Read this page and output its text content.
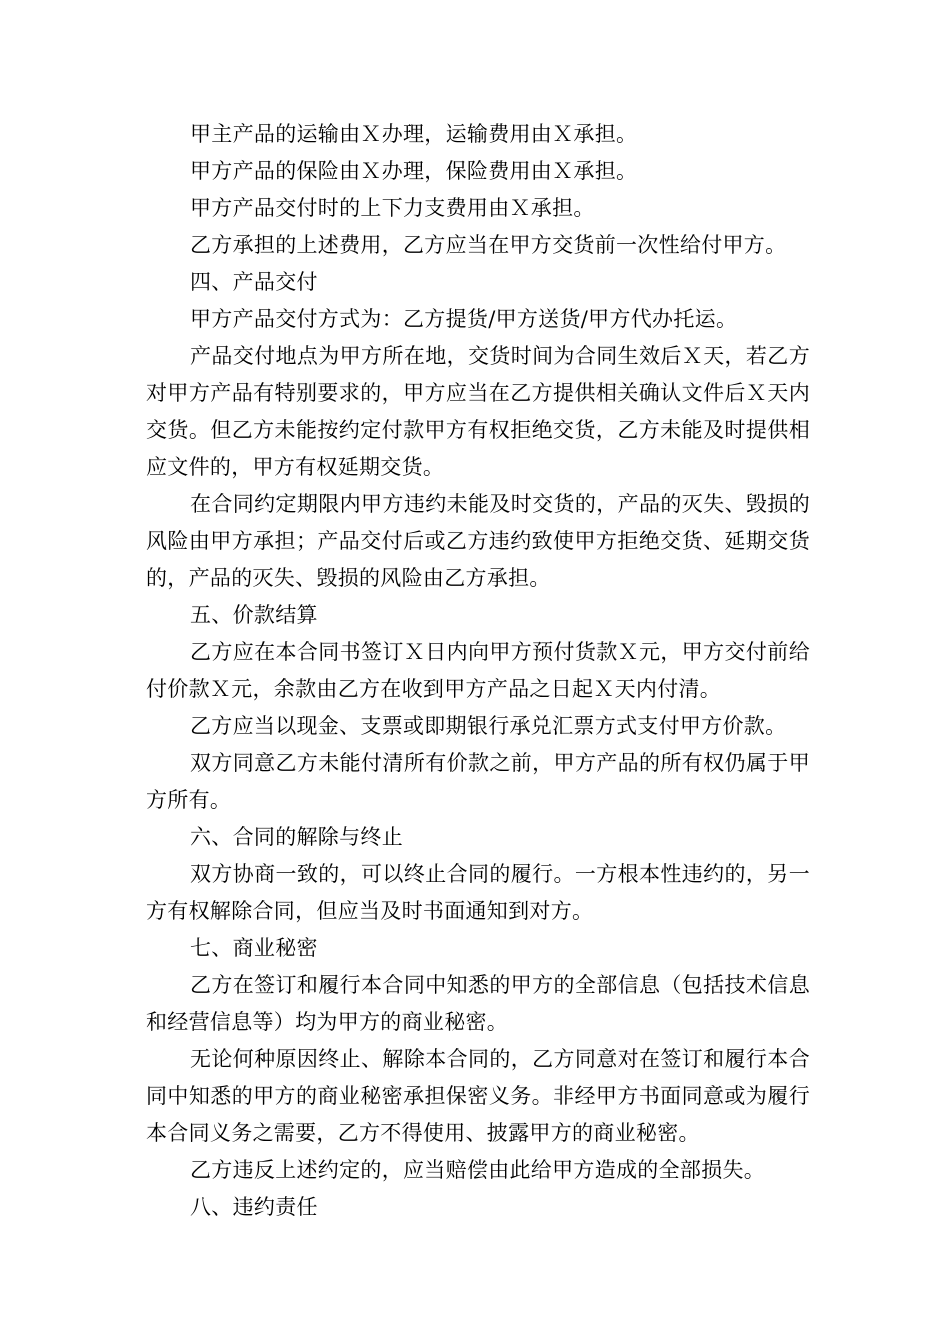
甲主产品的运输由Ｘ办理，运输费用由Ｘ承担。

甲方产品的保险由Ｘ办理，保险费用由Ｘ承担。

甲方产品交付时的上下力支费用由Ｘ承担。

乙方承担的上述费用，乙方应当在甲方交货前一次性给付甲方。

四、产品交付

甲方产品交付方式为：乙方提货/甲方送货/甲方代办托运。

产品交付地点为甲方所在地，交货时间为合同生效后Ｘ天，若乙方对甲方产品有特别要求的，甲方应当在乙方提供相关确认文件后Ｘ天内交货。但乙方未能按约定付款甲方有权拒绝交货，乙方未能及时提供相应文件的，甲方有权延期交货。

在合同约定期限内甲方违约未能及时交货的，产品的灭失、毁损的风险由甲方承担；产品交付后或乙方违约致使甲方拒绝交货、延期交货的，产品的灭失、毁损的风险由乙方承担。

五、价款结算

乙方应在本合同书签订Ｘ日内向甲方预付货款Ｘ元，甲方交付前给付价款Ｘ元，余款由乙方在收到甲方产品之日起Ｘ天内付清。

乙方应当以现金、支票或即期银行承兑汇票方式支付甲方价款。

双方同意乙方未能付清所有价款之前，甲方产品的所有权仍属于甲方所有。

六、合同的解除与终止

双方协商一致的，可以终止合同的履行。一方根本性违约的，另一方有权解除合同，但应当及时书面通知到对方。

七、商业秘密

乙方在签订和履行本合同中知悉的甲方的全部信息（包括技术信息和经营信息等）均为甲方的商业秘密。

无论何种原因终止、解除本合同的，乙方同意对在签订和履行本合同中知悉的甲方的商业秘密承担保密义务。非经甲方书面同意或为履行本合同义务之需要，乙方不得使用、披露甲方的商业秘密。

乙方违反上述约定的，应当赔偿由此给甲方造成的全部损失。

八、违约责任
